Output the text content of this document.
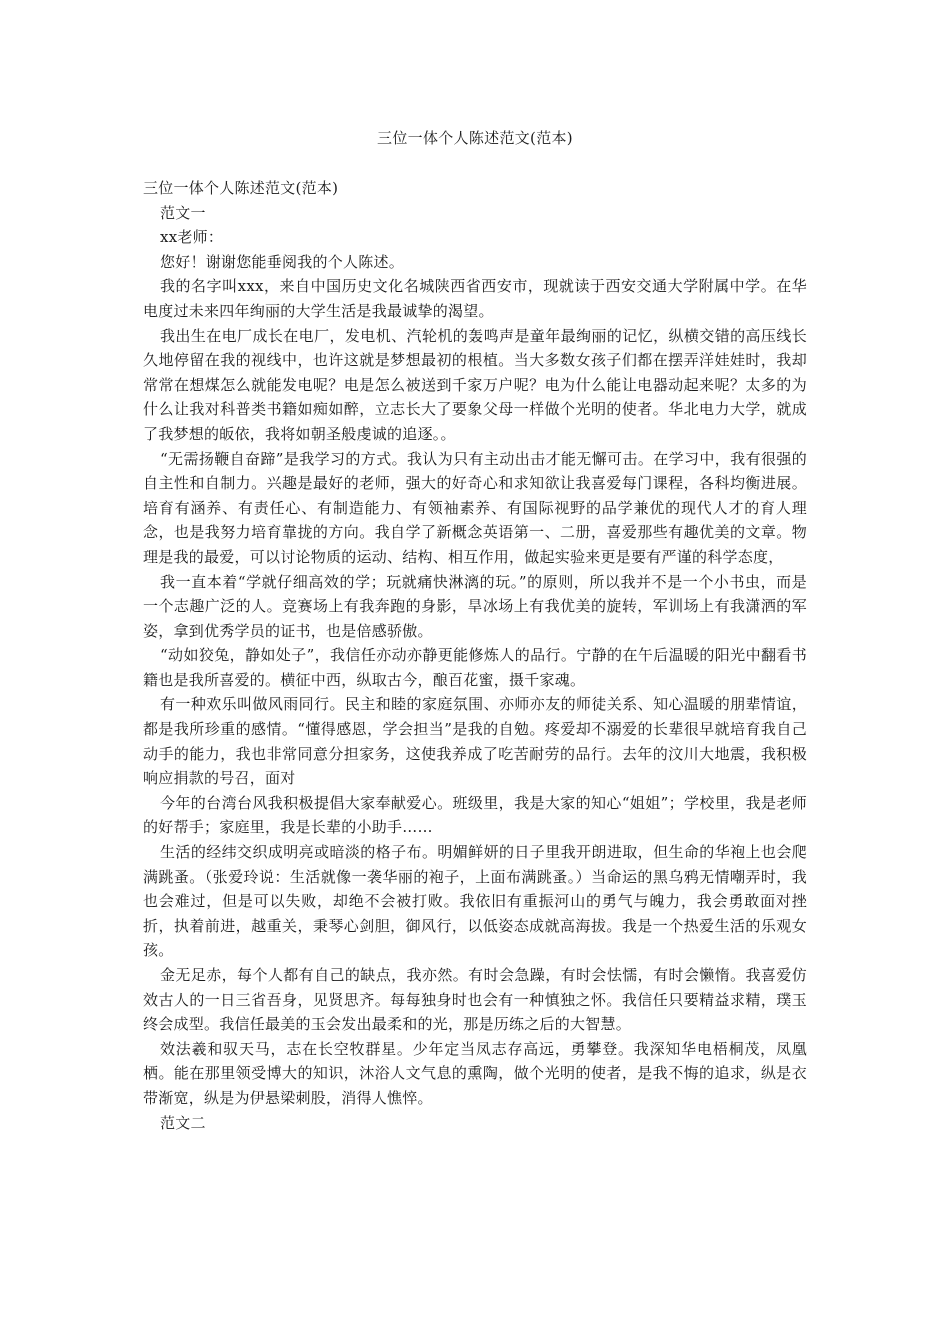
三位一体个人陈述范文(范本)

三位一体个人陈述范文(范本)

范文一

xx老师：

您好！谢谢您能垂阅我的个人陈述。

我的名字叫xxx，来自中国历史文化名城陕西省西安市，现就读于西安交通大学附属中学。在华电度过未来四年绚丽的大学生活是我最诚挚的渴望。

我出生在电厂成长在电厂，发电机、汽轮机的轰鸣声是童年最绚丽的记忆，纵横交错的高压线长久地停留在我的视线中，也许这就是梦想最初的根植。当大多数女孩子们都在摆弄洋娃娃时，我却常常在想煤怎么就能发电呢？电是怎么被送到千家万户呢？电为什么能让电器动起来呢？太多的为什么让我对科普类书籍如痴如醉，立志长大了要象父母一样做个光明的使者。华北电力大学，就成了我梦想的皈依，我将如朝圣般虔诚的追逐。。

“无需扬鞭自奋蹄”是我学习的方式。我认为只有主动出击才能无懈可击。在学习中，我有很强的自主性和自制力。兴趣是最好的老师，强大的好奇心和求知欲让我喜爱每门课程，各科均衡进展。培育有涵养、有责任心、有制造能力、有领袖素养、有国际视野的品学兼优的现代人才的育人理念，也是我努力培育靠拢的方向。我自学了新概念英语第一、二册，喜爱那些有趣优美的文章。物理是我的最爱，可以讨论物质的运动、结构、相互作用，做起实验来更是要有严谨的科学态度，

我一直本着“学就仔细高效的学；玩就痛快淋漓的玩。”的原则，所以我并不是一个小书虫，而是一个志趣广泛的人。竞赛场上有我奔跑的身影，旱冰场上有我优美的旋转，军训场上有我潇洒的军姿，拿到优秀学员的证书，也是倍感骄傲。

“动如狡兔，静如处子”，我信任亦动亦静更能修炼人的品行。宁静的在午后温暖的阳光中翻看书籍也是我所喜爱的。横征中西，纵取古今，酿百花蜜，摄千家魂。

有一种欢乐叫做风雨同行。民主和睦的家庭氛围、亦师亦友的师徒关系、知心温暖的朋辈情谊，都是我所珍重的感情。“懂得感恩，学会担当”是我的自勉。疼爱却不溺爱的长辈很早就培育我自己动手的能力，我也非常同意分担家务，这使我养成了吃苦耐劳的品行。去年的汶川大地震，我积极响应捐款的号召，面对

今年的台湾台风我积极提倡大家奉献爱心。班级里，我是大家的知心“姐姐”；学校里，我是老师的好帮手；家庭里，我是长辈的小助手……

生活的经纬交织成明亮或暗淡的格子布。明媚鲜妍的日子里我开朗进取，但生命的华袍上也会爬满跳蚤。（张爱玲说：生活就像一袭华丽的袍子，上面布满跳蚤。）当命运的黑乌鸦无情嘲弄时，我也会难过，但是可以失败，却绝不会被打败。我依旧有重振河山的勇气与魄力，我会勇敢面对挫折，执着前进，越重关，秉琴心剑胆，御风行，以低姿态成就高海拔。我是一个热爱生活的乐观女孩。

金无足赤，每个人都有自己的缺点，我亦然。有时会急躁，有时会怯懦，有时会懒惰。我喜爱仿效古人的一日三省吾身，见贤思齐。每每独身时也会有一种慎独之怀。我信任只要精益求精，璞玉终会成型。我信任最美的玉会发出最柔和的光，那是历练之后的大智慧。

效法羲和驭天马，志在长空牧群星。少年定当凤志存高远，勇攀登。我深知华电梧桐茂，凤凰栖。能在那里领受博大的知识，沐浴人文气息的熏陶，做个光明的使者，是我不悔的追求，纵是衣带渐宽，纵是为伊悬梁刺股，消得人憔悴。

范文二
